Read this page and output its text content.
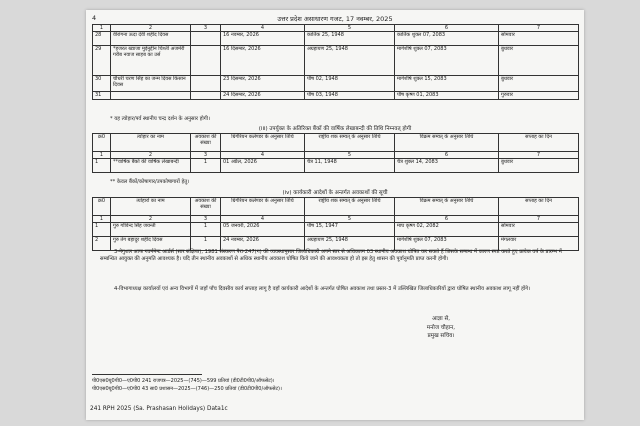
4	उत्तर प्रदेश असाधारण गजट, 17 नवम्बर, 2025
1	2	3	4	5	6	7
28	वीरांगना ऊदा देवी शहीद दिवस		16 नवम्बर, 2026	कार्तिक 25, 1948	कार्तिक शुक्ल 07, 2083	सोमवार
29	*हजरत ख्वाजा मुईनुद्दीन चिश्ती अजमेरी गरीब नवाज साहब का उर्स		16 दिसम्बर, 2026	अग्रहायण 25, 1948	मार्गशीर्ष शुक्ल 07, 2083	बुधवार
30	चौधरी चरण सिंह का जन्म दिवस किसान दिवस		23 दिसम्बर, 2026	पौष 02, 1948	मार्गशीर्ष शुक्ल 15, 2083	बुधवार
31			24 दिसम्बर, 2026	पौष 03, 1948	पौष कृष्ण 01, 2083	गुरुवार
* यह त्योहार/पर्व स्थानीय चन्द्र दर्शन के अनुसार होगी।
(iii) उपर्युक्त के अतिरिक्त बैंकों की वार्षिक लेखाबन्दी की तिथि निम्नवत् होगी
क्र0	त्योहार का नाम	अवकाश की संख्या	ग्रिगेरियन कलेण्डर के अनुसार तिथि	राष्ट्रीय शक सम्वत् के अनुसार तिथि	विक्रम सम्वत् के अनुसार तिथि	सप्ताह का दिन
1	2	3	4	5	6	7
1	**वार्षिक बैंकों की वार्षिक लेखाबन्दी	1	01 अप्रैल, 2026	चैत्र 11, 1948	चैत्र शुक्ल 14, 2083	बुधवार
** केवल बैंकों/कोषागार/उपकोषागारों हेतु।
(iv) कार्यकारी आदेशों के अन्तर्गत अवकाशों की सूची
क्र0	त्योहारों का नाम	अवकाश की संख्या	ग्रिगेरियन कलेण्डर के अनुसार तिथि	राष्ट्रीय शक सम्वत् के अनुसार तिथि	विक्रम सम्वत् के अनुसार तिथि	सप्ताह का दिन
1	2	3	4	5	6	7
1	गुरु गोविन्द सिंह जयन्ती	1	05 जनवरी, 2026	पौष 15, 1947	माघ कृष्ण 02, 2082	सोमवार
2	गुरु तेग बहादुर शहीद दिवस	1	24 नवम्बर, 2026	अग्रहायण 25, 1948	मार्गशीर्ष शुक्ल 07, 2083	मंगलवार

3-नेगुशल आफ गवर्नमेन्ट आर्डर्स (सार संक्षिप्त), 1981 संस्करण पैरा-247(ग) की व्यवस्थानुसार जिलाधिकारी अपने स्तर से अधिकतम 03 स्थानीय अवकाश घोषित कर सकते हैं जिसके सम्बन्ध में कारण स्पष्ट करते हुए प्रत्येक वर्ष के प्रारम्भ में सम्बन्धित आयुक्त की अनुमति आवश्यक है। यदि तीन स्थानीय अवकाशों से अधिक स्थानीय अवकाश घोषित किये जाने की आवश्यकता हो तो इस हेतु शासन की पूर्वानुमति प्राप्त करनी होगी।

4-विभागाध्यक्ष कार्यालयों एवं अन्य विभागों में जहाँ पाँच दिवसीय कार्य सप्ताह लागू है वहाँ कार्यकारी आदेशों के अन्तर्गत घोषित अवकाश तथा प्रस्तर-3 में उल्लिखित जिलाधिकारियों द्वारा घोषित स्थानीय अवकाश लागू नहीं होंगे।

आज्ञा से,
मनोज चौहान,
प्रमुख सचिव।
पी0एस0यू0पी0—ए0पी0 241 राजपत्र—2025—(745)—599 प्रतियां (डी0टी0पी0/ऑफसेट)।
पी0एस0यू0पी0—ए0पी0 43 सा0 प्रशासन—2025—(746)—250 प्रतियां (डी0टी0पी0/ऑफसेट)।
241 RPH 2025 (Sa. Prashasan Holidays) Data1c
